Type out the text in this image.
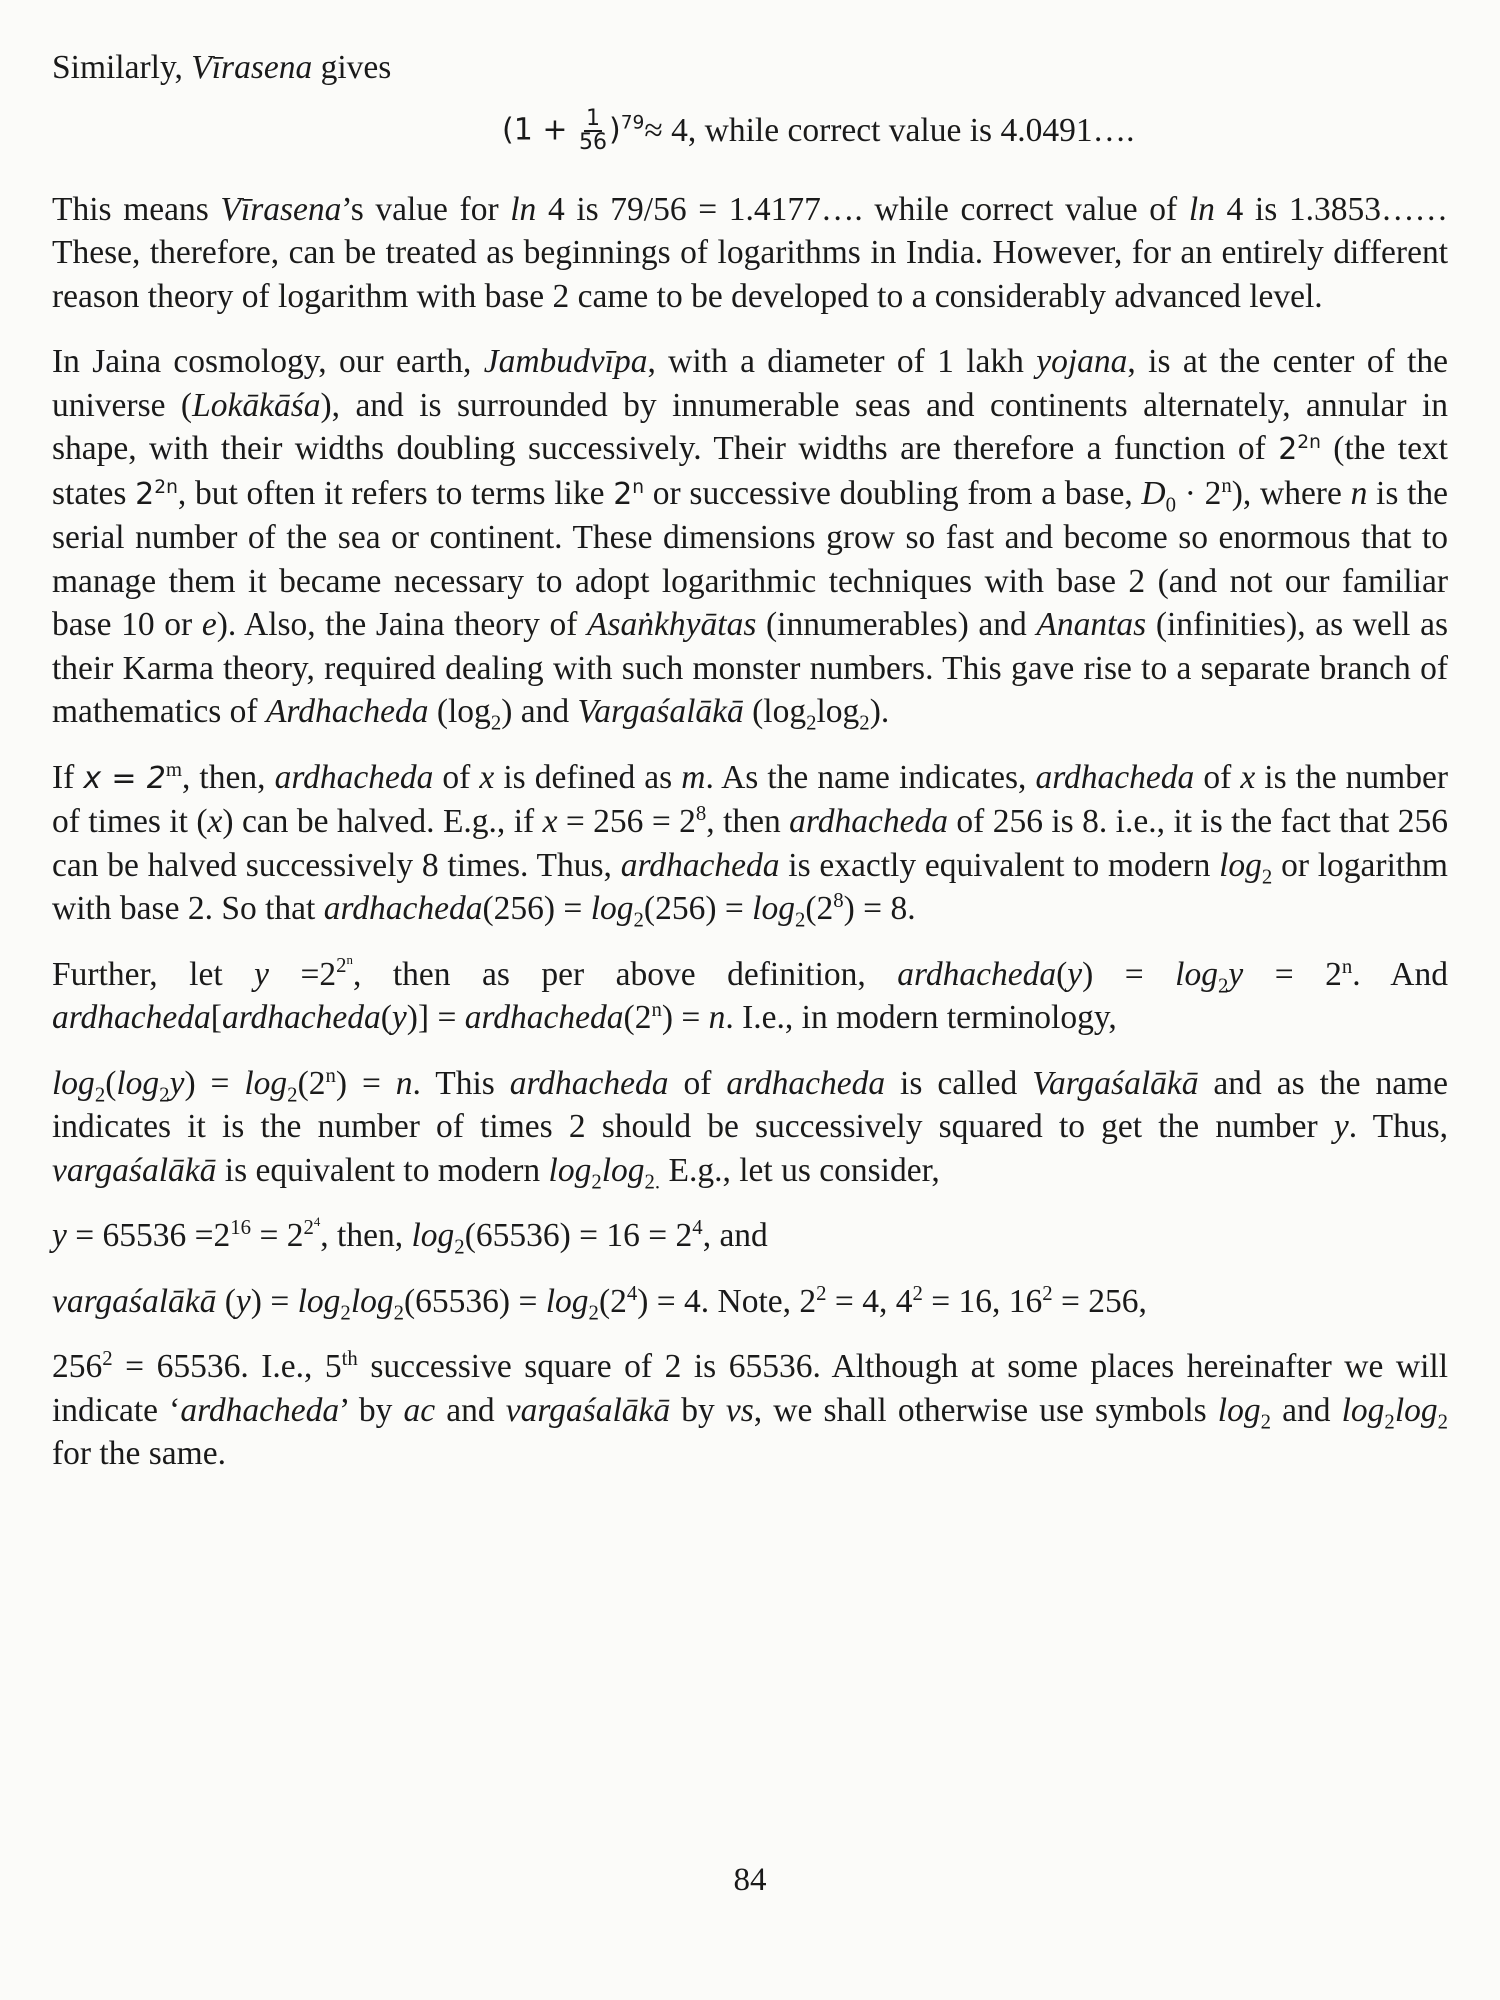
Similarly, Vīrasena gives

$(1 + \frac{1}{56} )^{79} \approx 4$, while correct value is 4.0491….

This means Vīrasena’s value for ln 4 is 79/56 = 1.4177…. while correct value of ln 4 is 1.3853…… These, therefore, can be treated as beginnings of logarithms in India. However, for an entirely different reason theory of logarithm with base 2 came to be developed to a considerably advanced level.

In Jaina cosmology, our earth, Jambudvīpa, with a diameter of 1 lakh yojana, is at the center of the universe (Lokākāśa), and is surrounded by innumerable seas and continents alternately, annular in shape, with their widths doubling successively. Their widths are therefore a function of $2^{2n}$ (the text states $2^{2n}$, but often it refers to terms like 2$^n$ or successive doubling from a base, $D_0 \cdot 2^n$), where n is the serial number of the sea or continent. These dimensions grow so fast and become so enormous that to manage them it became necessary to adopt logarithmic techniques with base 2 (and not our familiar base 10 or e). Also, the Jaina theory of Asaṅkhyātas (innumerables) and Anantas (infinities), as well as their Karma theory, required dealing with such monster numbers. This gave rise to a separate branch of mathematics of Ardhacheda $(\log_2)$ and Vargaśalākā $(\log_2\log_2)$.

If $x = 2^m$, then, ardhacheda of x is defined as m. As the name indicates, ardhacheda of x is the number of times it (x) can be halved. E.g., if $x = 256 = 2^8$, then ardhacheda of 256 is 8. i.e., it is the fact that 256 can be halved successively 8 times. Thus, ardhacheda is exactly equivalent to modern $\log_2$ or logarithm with base 2. So that ardhacheda(256) = $\log_2(256) = \log_2(2^8) = 8$.

Further, let $y =2^{2^n}$, then as per above definition, ardhacheda(y) = $\log_2y = 2^n$. And ardhacheda[ardhacheda(y)] = $ardhacheda(2^n) = n$. I.e., in modern terminology,

$\log_2(\log_2y) = \log_2(2^n) = n$. This ardhacheda of ardhacheda is called Vargaśalākā and as the name indicates it is the number of times 2 should be successively squared to get the number y. Thus, vargaśalākā is equivalent to modern $\log_2\log_{2.}$ E.g., let us consider,

$y = 65536 =2^{16} = 2^{2^4}$, then, $\log_2(65536) = 16 = 2^4$, and

vargaśalākā $(y) = \log_2\log_2(65536) = \log_2(2^4) = 4$. Note, $2^2 = 4$, $4^2 = 16$, $16^2 = 256$,

$256^2 = 65536$. I.e., 5th successive square of 2 is 65536. Although at some places hereinafter we will indicate ‘ardhacheda’ by ac and vargaśalākā by vs, we shall otherwise use symbols $\log_2$ and $\log_2\log_2$ for the same.

84
